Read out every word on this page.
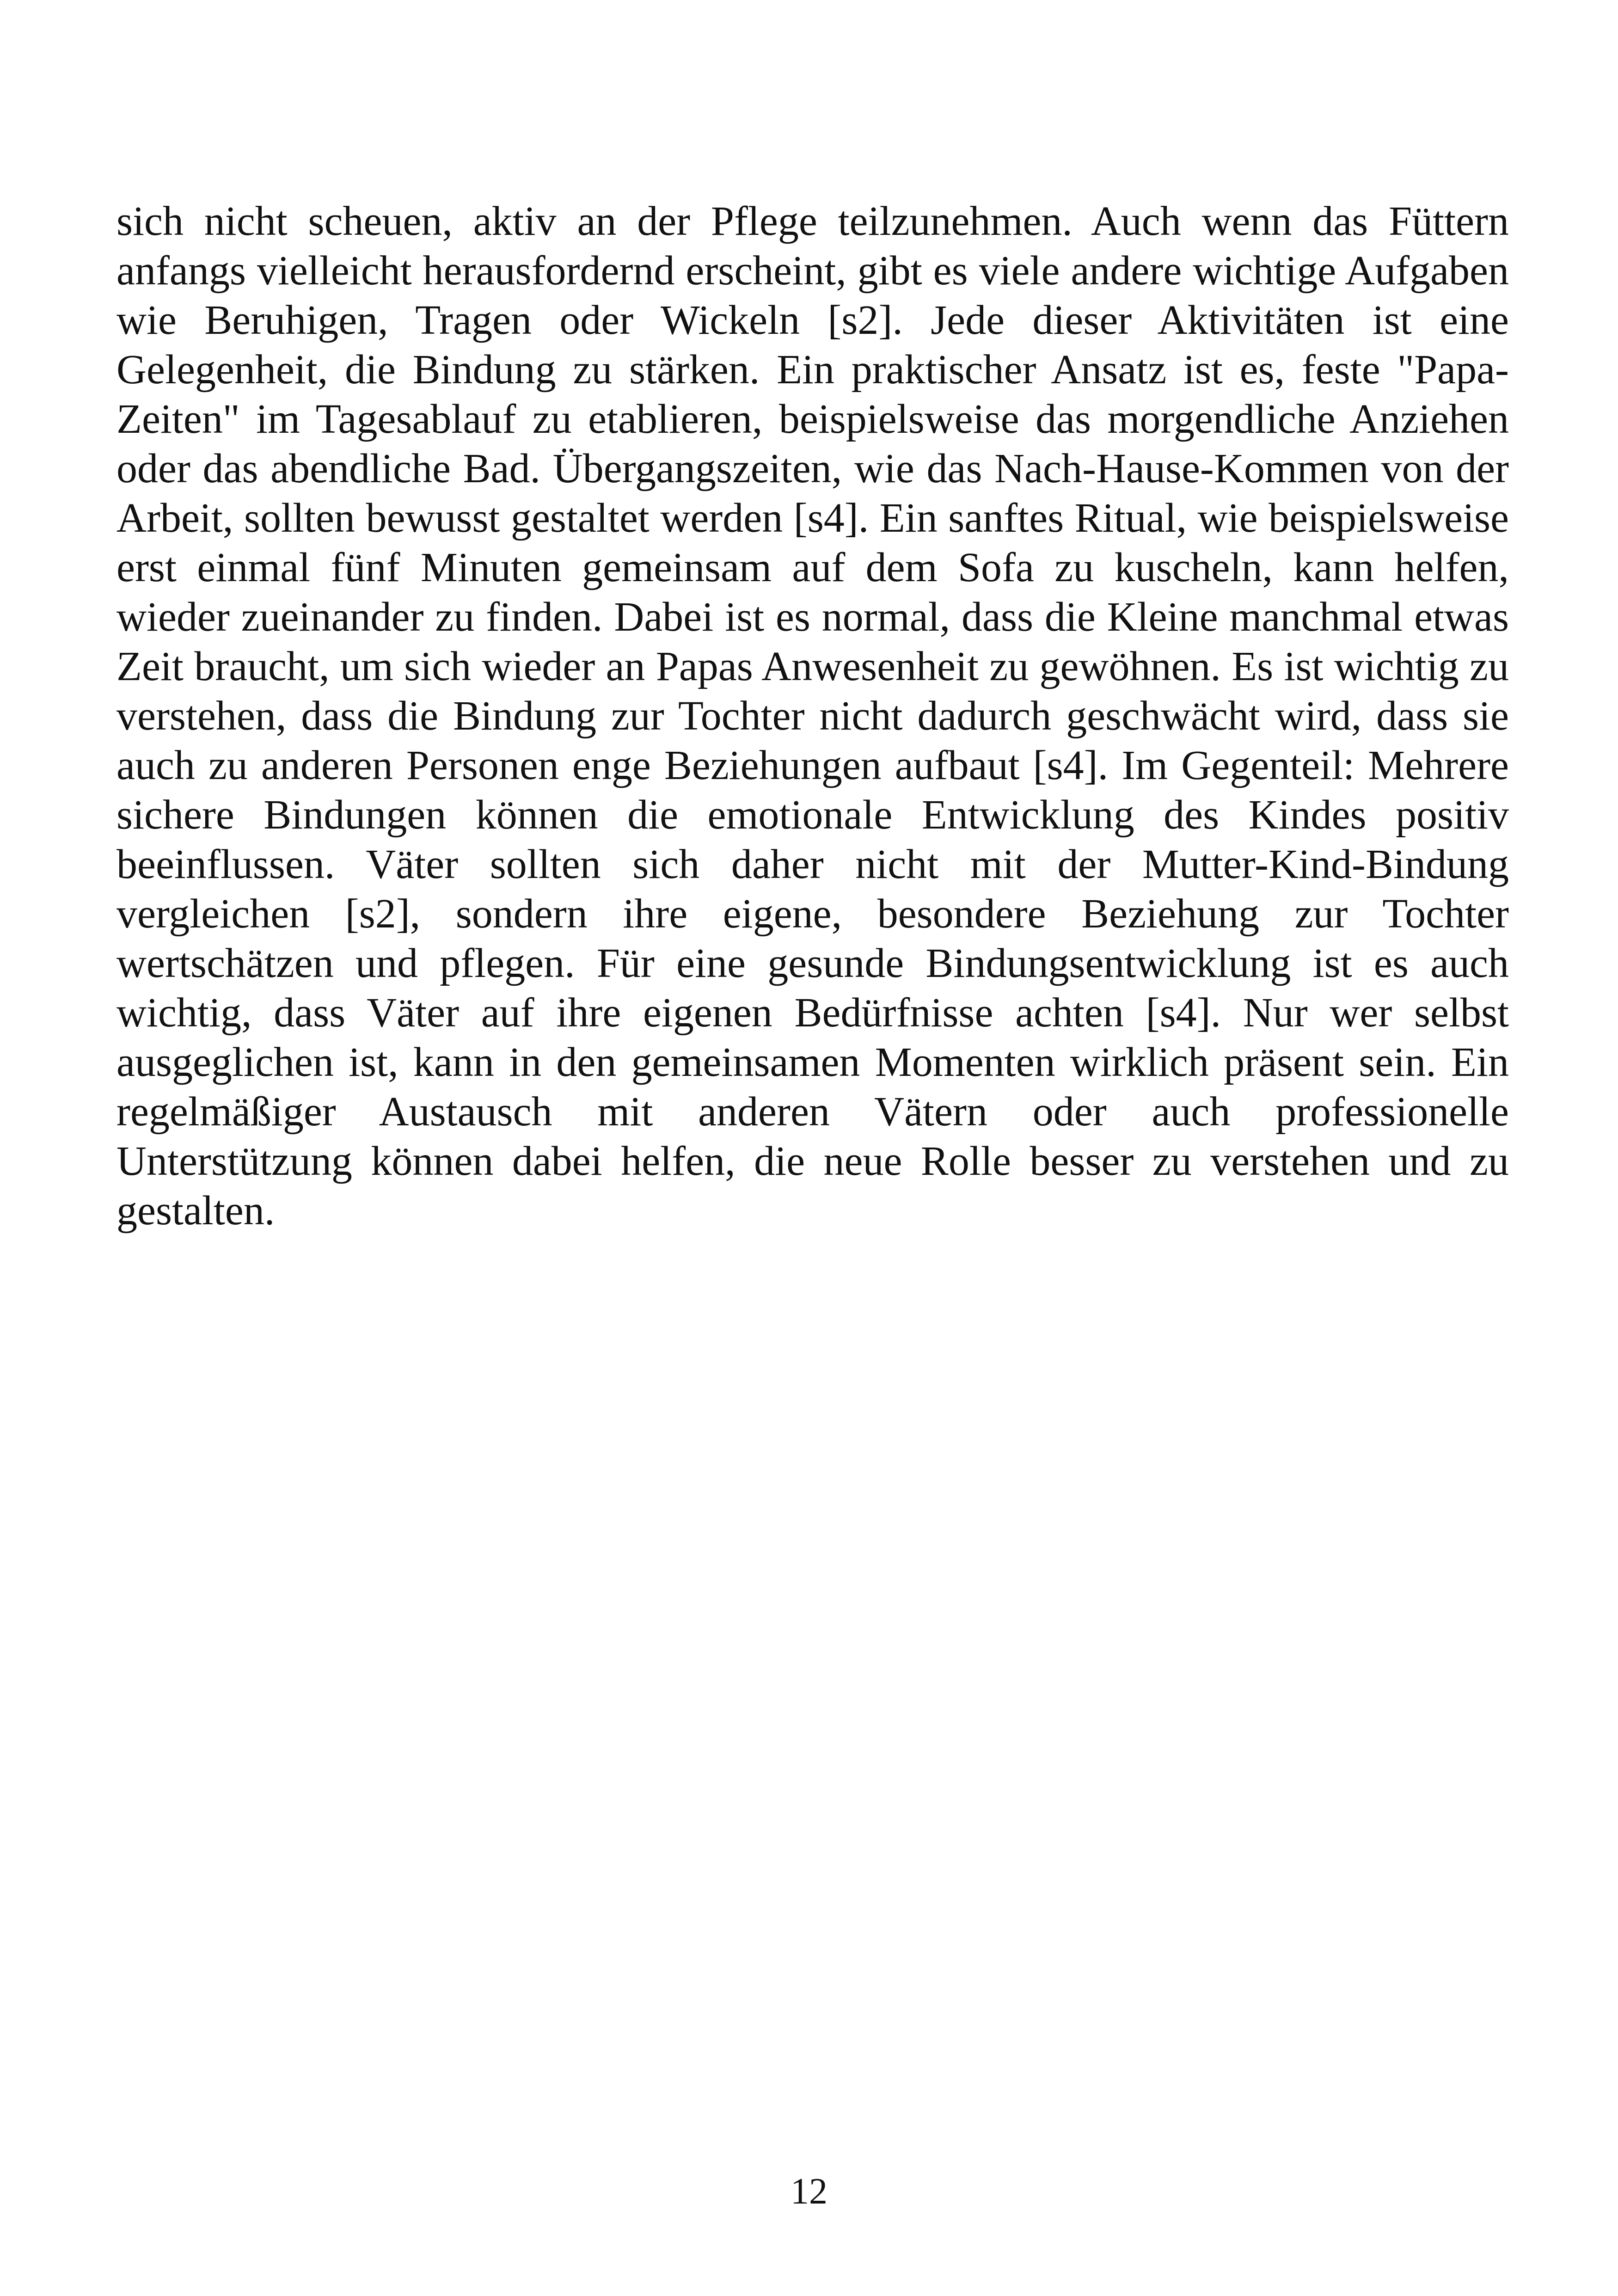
sich nicht scheuen, aktiv an der Pflege teilzunehmen. Auch wenn das Füttern anfangs vielleicht herausfordernd erscheint, gibt es viele andere wichtige Aufgaben wie Beruhigen, Tragen oder Wickeln [s2]. Jede dieser Aktivitäten ist eine Gelegenheit, die Bindung zu stärken. Ein praktischer Ansatz ist es, feste "Papa-Zeiten" im Tagesablauf zu etablieren, beispielsweise das morgendliche Anziehen oder das abendliche Bad. Übergangszeiten, wie das Nach-Hause-Kommen von der Arbeit, sollten bewusst gestaltet werden [s4]. Ein sanftes Ritual, wie beispielsweise erst einmal fünf Minuten gemeinsam auf dem Sofa zu kuscheln, kann helfen, wieder zueinander zu finden. Dabei ist es normal, dass die Kleine manchmal etwas Zeit braucht, um sich wieder an Papas Anwesenheit zu gewöhnen. Es ist wichtig zu verstehen, dass die Bindung zur Tochter nicht dadurch geschwächt wird, dass sie auch zu anderen Personen enge Beziehungen aufbaut [s4]. Im Gegenteil: Mehrere sichere Bindungen können die emotionale Entwicklung des Kindes positiv beeinflussen. Väter sollten sich daher nicht mit der Mutter-Kind-Bindung vergleichen [s2], sondern ihre eigene, besondere Beziehung zur Tochter wertschätzen und pflegen. Für eine gesunde Bindungsentwicklung ist es auch wichtig, dass Väter auf ihre eigenen Bedürfnisse achten [s4]. Nur wer selbst ausgeglichen ist, kann in den gemeinsamen Momenten wirklich präsent sein. Ein regelmäßiger Austausch mit anderen Vätern oder auch professionelle Unterstützung können dabei helfen, die neue Rolle besser zu verstehen und zu gestalten.

12
